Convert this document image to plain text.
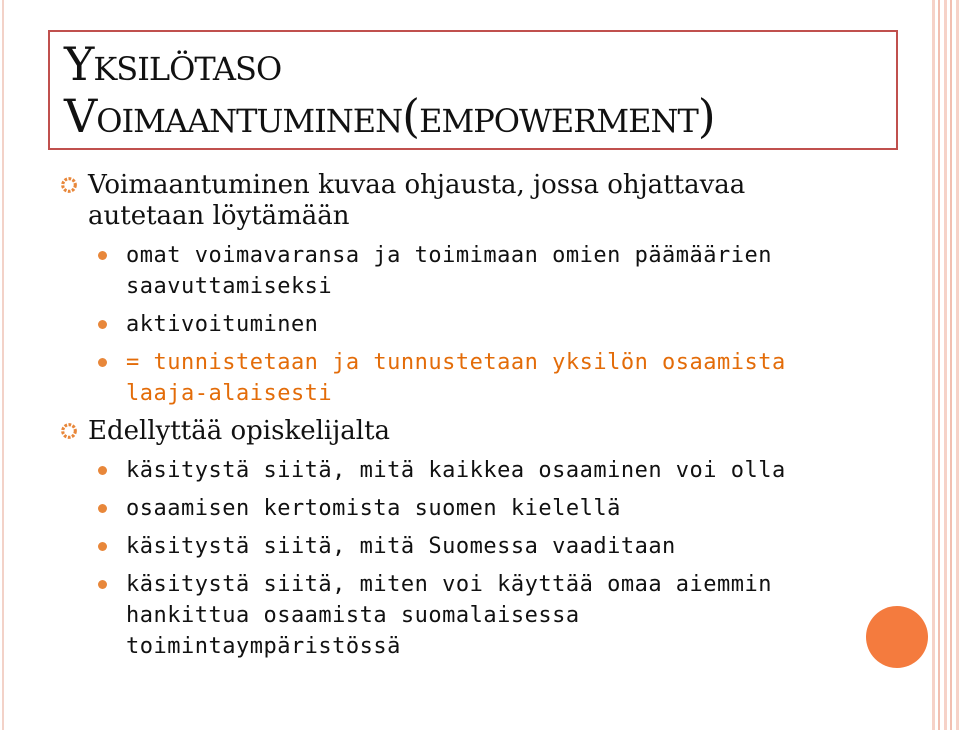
Yksilötaso
Voimaantuminen(empowerment)
Voimaantuminen kuvaa ohjausta, jossa ohjattavaa autetaan löytämään
omat voimavaransa ja toimimaan omien päämäärien saavuttamiseksi
aktivoituminen
= tunnistetaan ja tunnustetaan yksilön osaamista laaja-alaisesti
Edellyttää opiskelijalta
käsitystä siitä, mitä kaikkea osaaminen voi olla
osaamisen kertomista suomen kielellä
käsitystä siitä, mitä Suomessa vaaditaan
käsitystä siitä, miten voi käyttää omaa aiemmin hankittua osaamista suomalaisessa toimintaympäristössä
